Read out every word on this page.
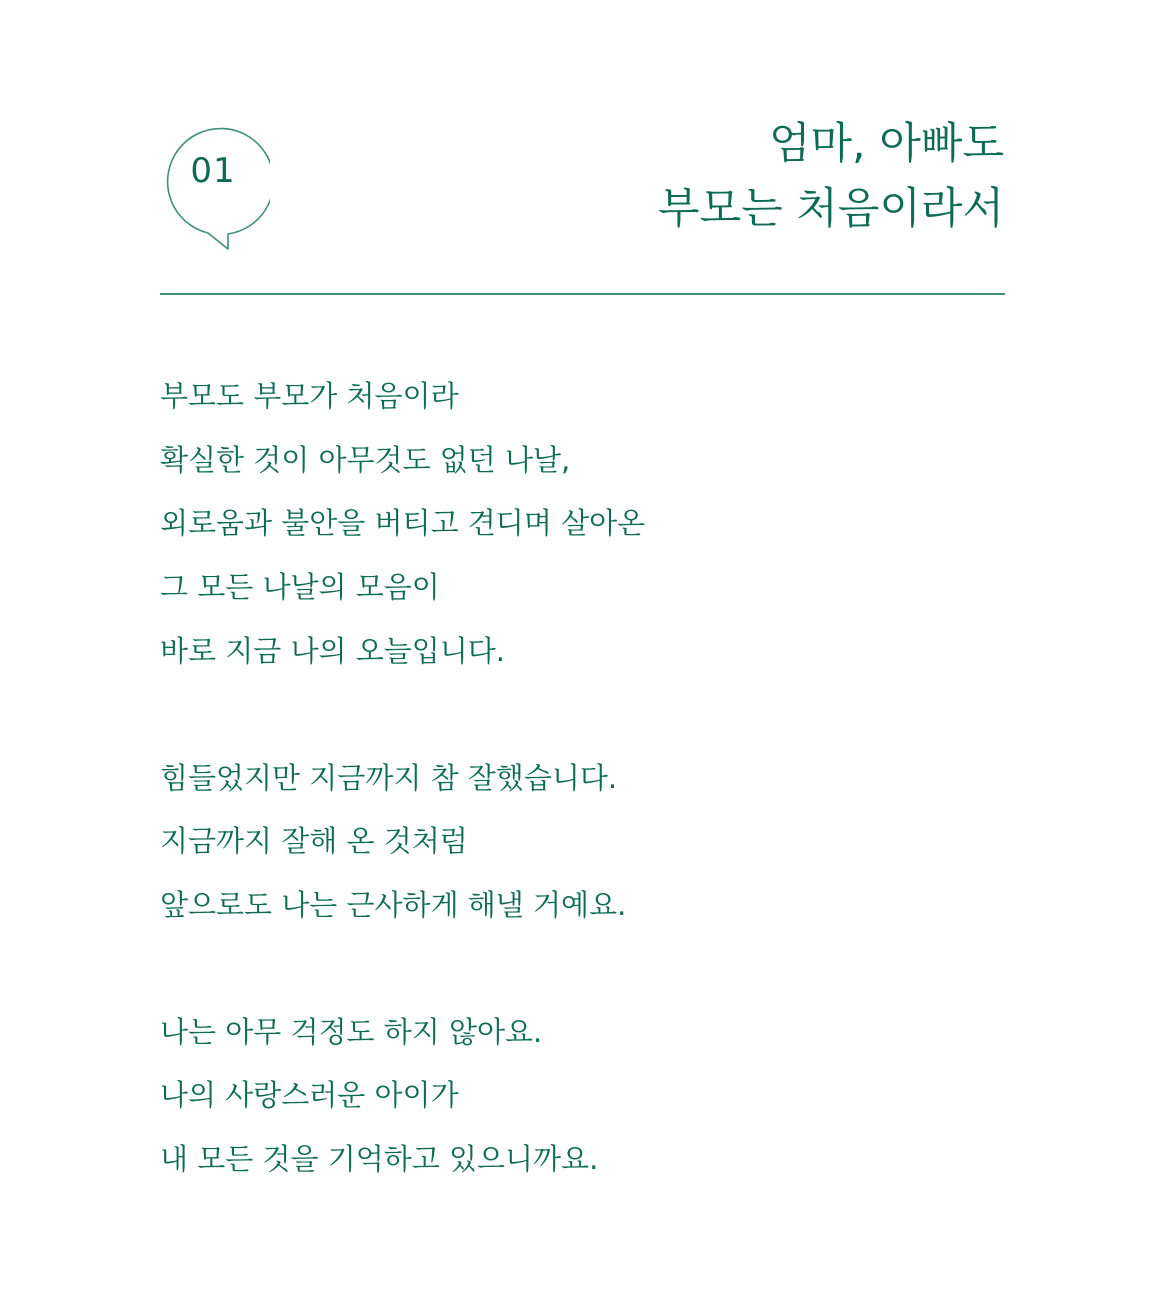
01
엄마, 아빠도
부모는 처음이라서
부모도 부모가 처음이라
확실한 것이 아무것도 없던 나날,
외로움과 불안을 버티고 견디며 살아온
그 모든 나날의 모음이
바로 지금 나의 오늘입니다.
힘들었지만 지금까지 참 잘했습니다.
지금까지 잘해 온 것처럼
앞으로도 나는 근사하게 해낼 거예요.
나는 아무 걱정도 하지 않아요.
나의 사랑스러운 아이가
내 모든 것을 기억하고 있으니까요.
